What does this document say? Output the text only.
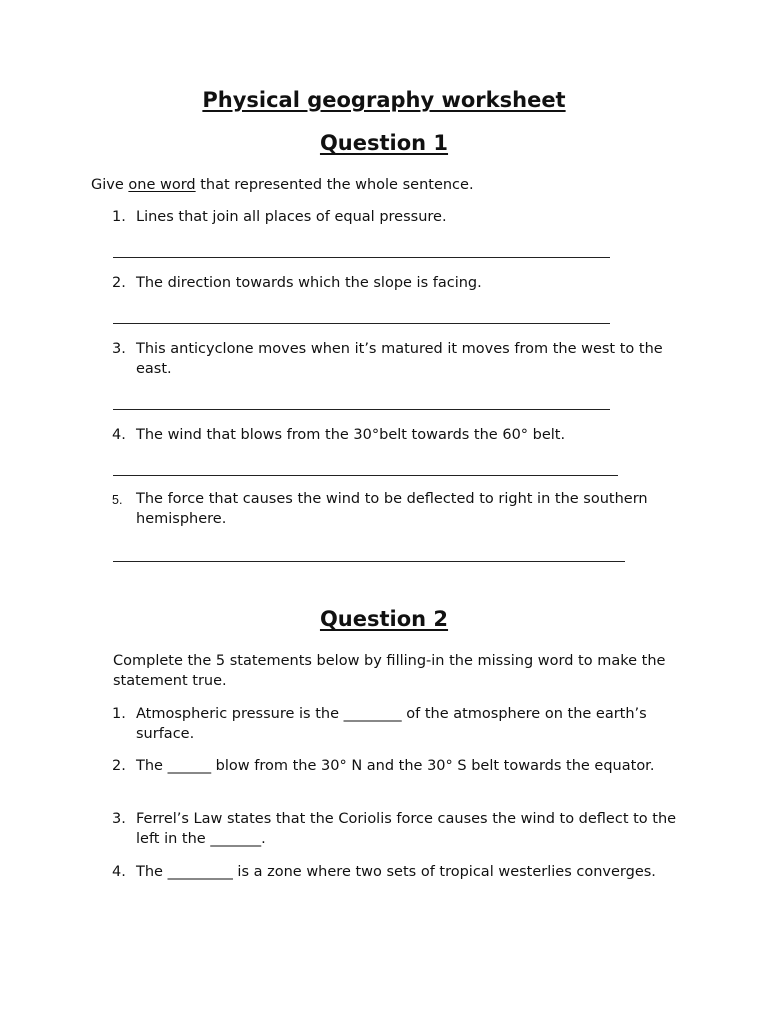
Physical geography worksheet
Question 1

Give one word that represented the whole sentence.

1. Lines that join all places of equal pressure.
2. The direction towards which the slope is facing.
3. This anticyclone moves when it’s matured it moves from the west to the east.
4. The wind that blows from the 30°belt towards the 60° belt.
5. The force that causes the wind to be deflected to right in the southern hemisphere.
Question 2

Complete the 5 statements below by filling-in the missing word to make the statement true.

1. Atmospheric pressure is the ________ of the atmosphere on the earth’s surface.
2. The ______ blow from the 30° N and the 30° S belt towards the equator.
3. Ferrel’s Law states that the Coriolis force causes the wind to deflect to the left in the _______.
4. The _________ is a zone where two sets of tropical westerlies converges.
